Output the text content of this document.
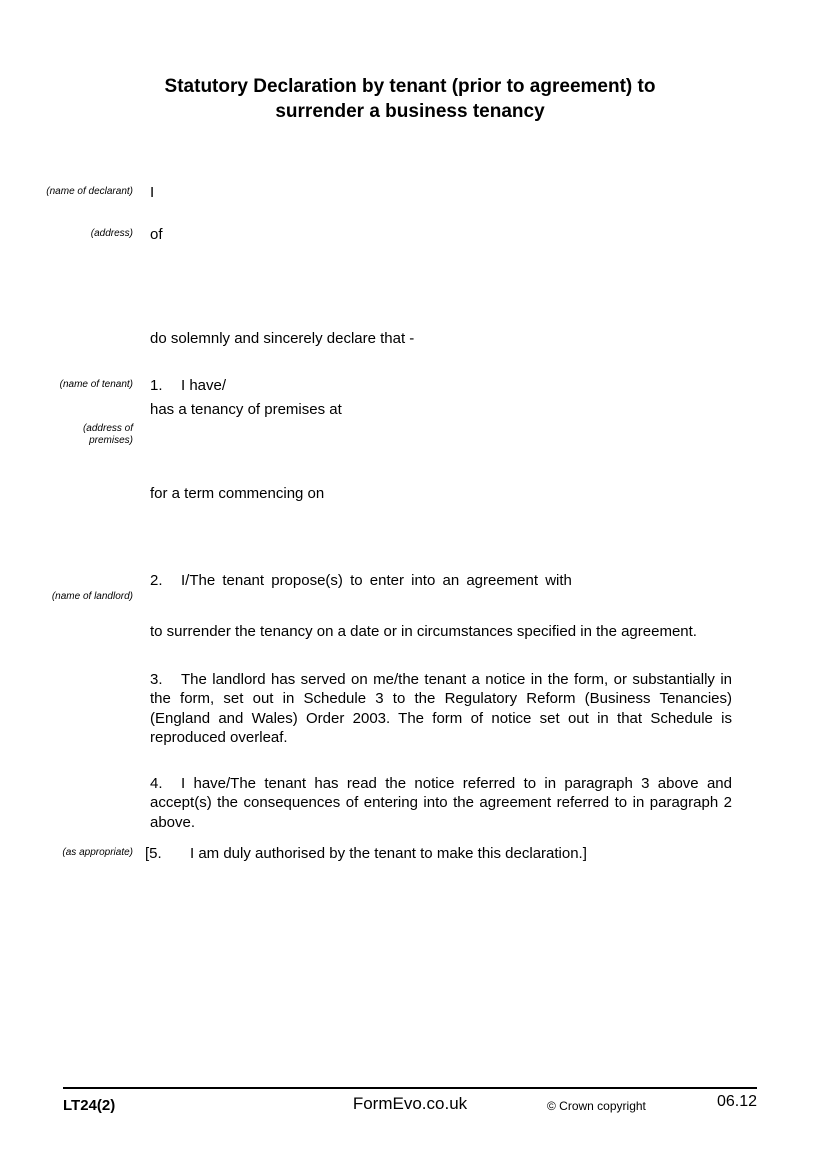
Statutory Declaration by tenant (prior to agreement) to
surrender a business tenancy
(name of declarant) I
(address) of
do solemnly and sincerely declare that -
(name of tenant) 1. I have/
has a tenancy of premises at
(address of premises)
for a term commencing on
2. I/The tenant propose(s) to enter into an agreement with
(name of landlord)
to surrender the tenancy on a date or in circumstances specified in the agreement.
3. The landlord has served on me/the tenant a notice in the form, or substantially in the form, set out in Schedule 3 to the Regulatory Reform (Business Tenancies) (England and Wales) Order 2003. The form of notice set out in that Schedule is reproduced overleaf.
4. I have/The tenant has read the notice referred to in paragraph 3 above and accept(s) the consequences of entering into the agreement referred to in paragraph 2 above.
(as appropriate) [5. I am duly authorised by the tenant to make this declaration.]
LT24(2)	FormEvo.co.uk	© Crown copyright	06.12
